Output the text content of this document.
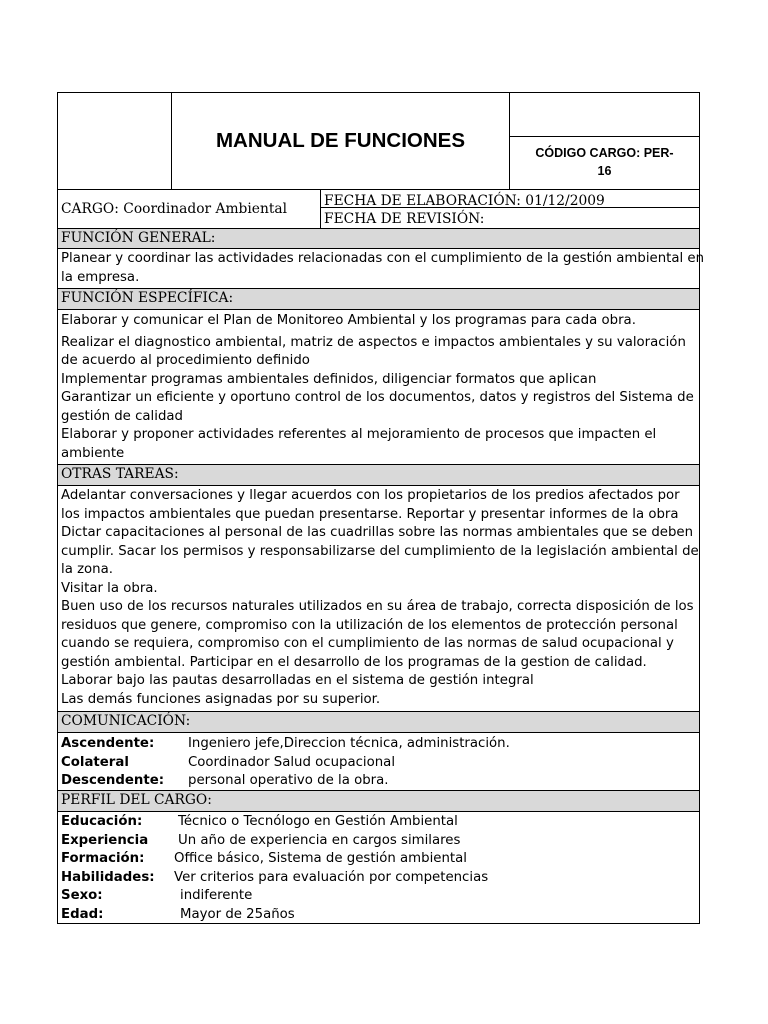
MANUAL DE FUNCIONES
CÓDIGO CARGO: PER-
16
CARGO: Coordinador Ambiental	FECHA DE ELABORACIÓN: 01/12/2009
FECHA DE REVISIÓN:
FUNCIÓN GENERAL:
Planear y coordinar las actividades relacionadas con el cumplimiento de la gestión ambiental en
la empresa.
FUNCIÓN ESPECÍFICA:
Elaborar y comunicar el Plan de Monitoreo Ambiental y los programas para cada obra.
Realizar el diagnostico ambiental, matriz de aspectos e impactos ambientales y su valoración
de acuerdo al procedimiento definido
Implementar programas ambientales definidos, diligenciar formatos que aplican
Garantizar un eficiente y oportuno control de los documentos, datos y registros del Sistema de
gestión de calidad
Elaborar y proponer actividades referentes al mejoramiento de procesos que impacten el
ambiente
OTRAS TAREAS:
Adelantar conversaciones y llegar acuerdos con los propietarios de los predios afectados por
los impactos ambientales que puedan presentarse. Reportar y presentar informes de la obra
Dictar capacitaciones al personal de las cuadrillas sobre las normas ambientales que se deben
cumplir. Sacar los permisos y responsabilizarse del cumplimiento de la legislación ambiental de
la zona.
Visitar la obra.
Buen uso de los recursos naturales utilizados en su área de trabajo, correcta disposición de los
residuos que genere, compromiso con la utilización de los elementos de protección personal
cuando se requiera, compromiso con el cumplimiento de las normas de salud ocupacional y
gestión ambiental. Participar en el desarrollo de los programas de la gestion de calidad.
Laborar bajo las pautas desarrolladas en el sistema de gestión integral
Las demás funciones asignadas por su superior.
COMUNICACIÓN:
Ascendente:	Ingeniero jefe,Direccion técnica, administración.
Colateral	Coordinador Salud ocupacional
Descendente:	personal operativo de la obra.
PERFIL DEL CARGO:
Educación:	Técnico o Tecnólogo en Gestión Ambiental
Experiencia	Un año de experiencia en cargos similares
Formación:	Office básico, Sistema de gestión ambiental
Habilidades:	Ver criterios para evaluación por competencias
Sexo:	indiferente
Edad:	Mayor de 25años
